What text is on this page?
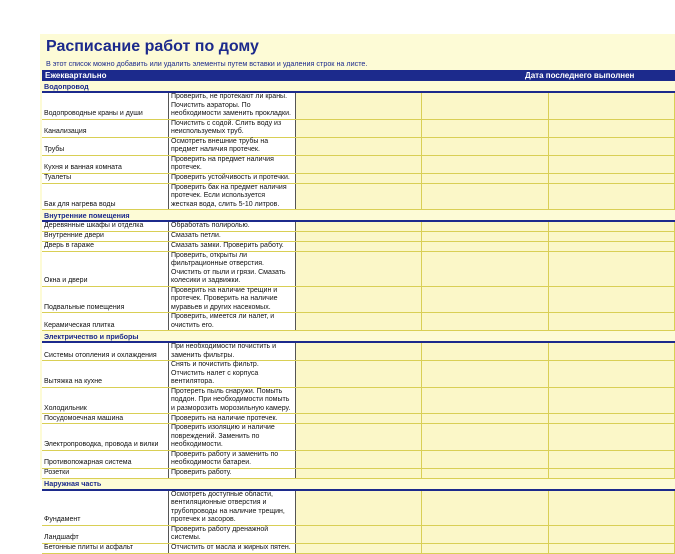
Расписание работ по дому
В этот список можно добавить или удалить элементы путем вставки и удаления строк на листе.
Ежеквартально	Дата последнего выполнен
Водопровод				
Водопроводные краны и души	Проверить, не протекают ли краны. Почистить аэраторы. По необходимости заменить прокладки.			
Канализация	Почистить с содой. Слить воду из неиспользуемых труб.			
Трубы	Осмотреть внешние трубы на предмет наличия протечек.			
Кухня и ванная комната	Проверить на предмет наличия протечек.			
Туалеты	Проверить устойчивость и протечки.			
Бак для нагрева воды	Проверить бак на предмет наличия протечек. Если используется жесткая вода, слить 5-10 литров.			
Внутренние помещения				
Деревянные шкафы и отделка	Обработать полиролью.			
Внутренние двери	Смазать петли.			
Дверь в гараже	Смазать замки. Проверить работу.			
Окна и двери	Проверить, открыты ли фильтрационные отверстия. Очистить от пыли и грязи. Смазать колесики и задвижки.			
Подвальные помещения	Проверить на наличие трещин и протечек. Проверить на наличие муравьев и других насекомых.			
Керамическая плитка	Проверить, имеется ли налет, и очистить его.			
Электричество и приборы				
Системы отопления и охлаждения	При необходимости почистить и заменить фильтры.			
Вытяжка на кухне	Снять и почистить фильтр. Отчистить налет с корпуса вентилятора.			
Холодильник	Протереть пыль снаружи. Помыть поддон. При необходимости помыть и разморозить морозильную камеру.			
Посудомоечная машина	Проверить на наличие протечек.			
Электропроводка, провода и вилки	Проверить изоляцию и наличие повреждений. Заменить по необходимости.			
Противопожарная система	Проверить работу и заменить по необходимости батареи.			
Розетки	Проверить работу.			
Наружная часть				
Фундамент	Осмотреть доступные области, вентиляционные отверстия и трубопроводы на наличие трещин, протечек и засоров.			
Ландшафт	Проверить работу дренажной системы.			
Бетонные плиты и асфальт	Отчистить от масла и жирных пятен.			
